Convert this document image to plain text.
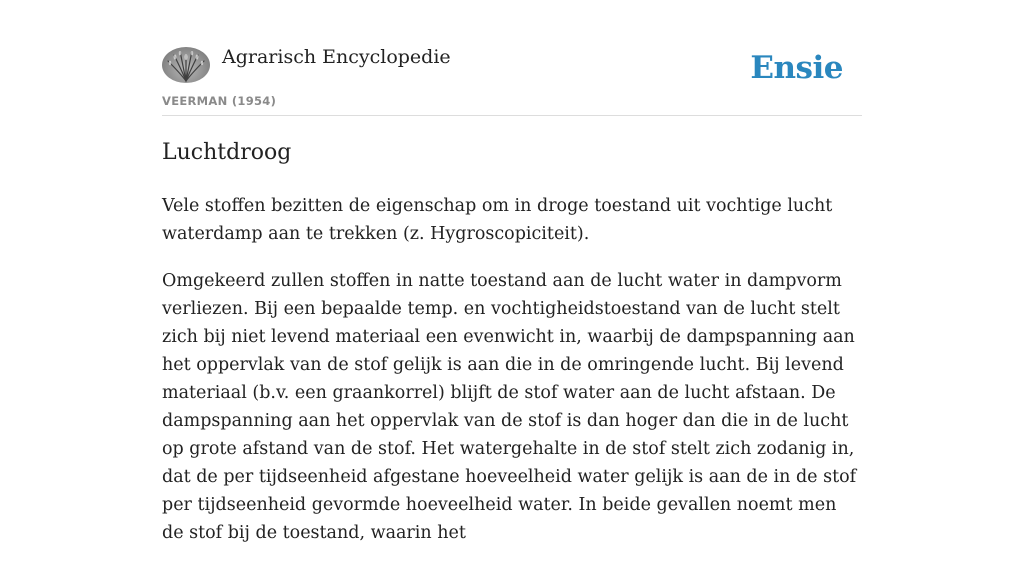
Agrarisch Encyclopedie
VEERMAN (1954)
Ensie
Luchtdroog

Vele stoffen bezitten de eigenschap om in droge toestand uit vochtige lucht waterdamp aan te trekken (z. Hygroscopiciteit).

Omgekeerd zullen stoffen in natte toestand aan de lucht water in dampvorm verliezen. Bij een bepaalde temp. en vochtigheidstoestand van de lucht stelt zich bij niet levend materiaal een evenwicht in, waarbij de dampspanning aan het oppervlak van de stof gelijk is aan die in de omringende lucht. Bij levend materiaal (b.v. een graankorrel) blijft de stof water aan de lucht afstaan. De dampspanning aan het oppervlak van de stof is dan hoger dan die in de lucht op grote afstand van de stof. Het watergehalte in de stof stelt zich zodanig in, dat de per tijdseenheid afgestane hoeveelheid water gelijk is aan de in de stof per tijdseenheid gevormde hoeveelheid water. In beide gevallen noemt men de stof bij de toestand, waarin het
